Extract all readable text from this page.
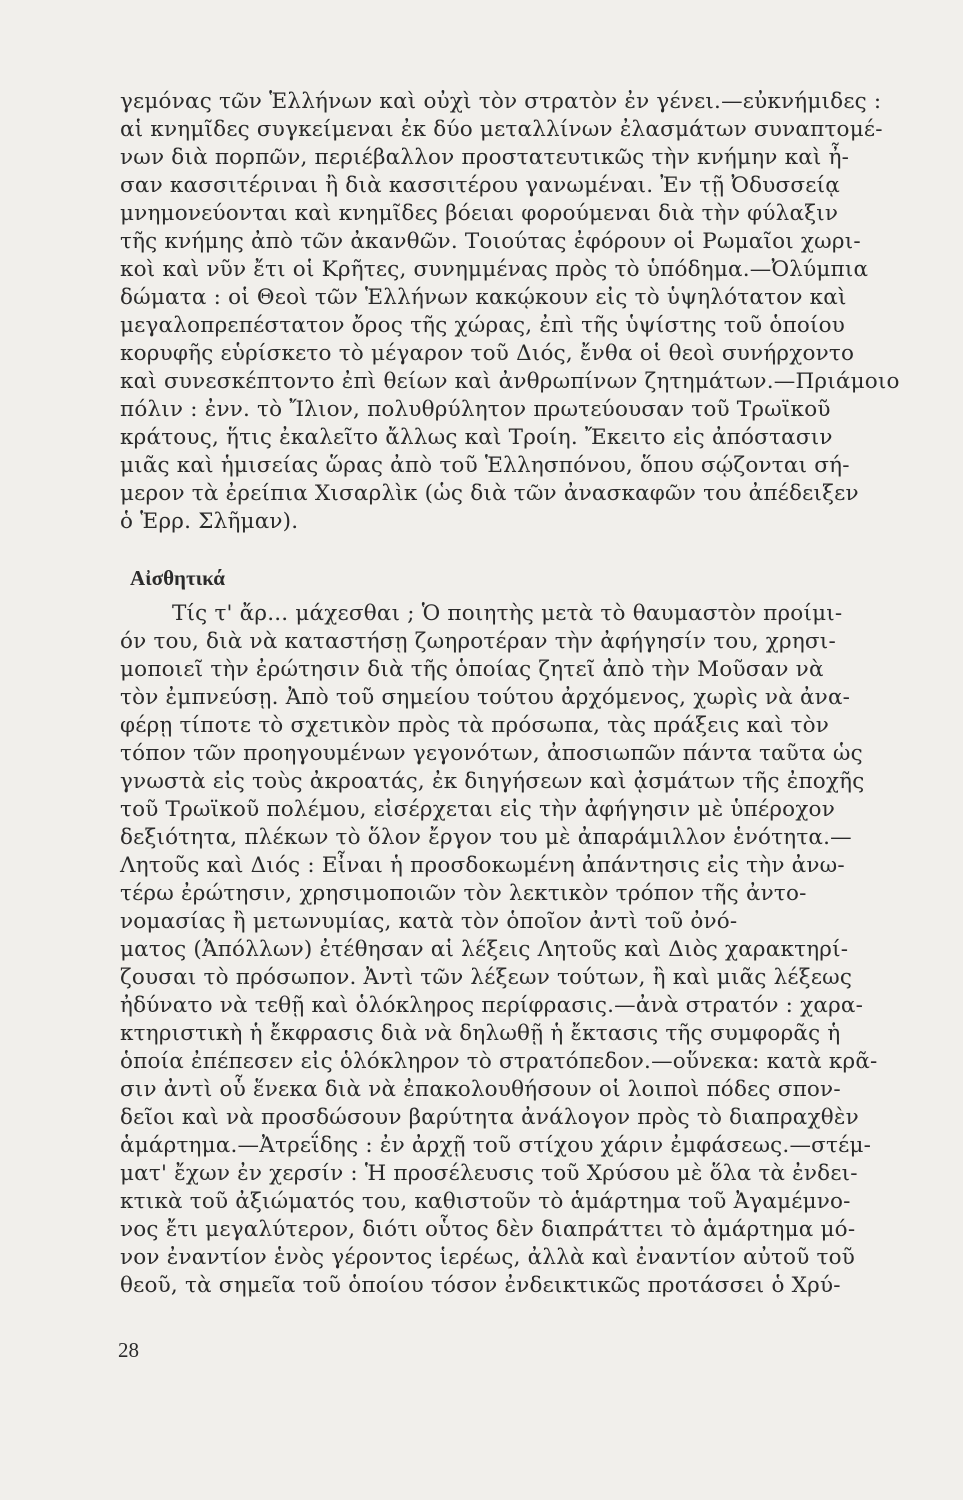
γεμόνας τῶν Ἑλλήνων καὶ οὐχὶ τὸν στρατὸν ἐν γένει.—εὐκνήμιδες :
αἱ κνημῖδες συγκείμεναι ἐκ δύο μεταλλίνων ἐλασμάτων συναπτομέ-
νων διὰ πορπῶν, περιέβαλλον προστατευτικῶς τὴν κνήμην καὶ ἦ-
σαν κασσιτέριναι ἢ διὰ κασσιτέρου γανωμέναι. Ἐν τῇ Ὀδυσσείᾳ
μνημονεύονται καὶ κνημῖδες βόειαι φορούμεναι διὰ τὴν φύλαξιν
τῆς κνήμης ἀπὸ τῶν ἀκανθῶν. Τοιούτας ἐφόρουν οἱ Ρωμαῖοι χωρι-
κοὶ καὶ νῦν ἔτι οἱ Κρῆτες, συνημμένας πρὸς τὸ ὑπόδημα.—Ὀλύμπια
δώματα : οἱ Θεοὶ τῶν Ἑλλήνων κακῴκουν εἰς τὸ ὑψηλότατον καὶ
μεγαλοπρεπέστατον ὄρος τῆς χώρας, ἐπὶ τῆς ὑψίστης τοῦ ὁποίου
κορυφῆς εὑρίσκετο τὸ μέγαρον τοῦ Διός, ἔνθα οἱ θεοὶ συνήρχοντο
καὶ συνεσκέπτοντο ἐπὶ θείων καὶ ἀνθρωπίνων ζητημάτων.—Πριάμοιο
πόλιν : ἐνν. τὸ Ἴλιον, πολυθρύλητον πρωτεύουσαν τοῦ Τρωϊκοῦ
κράτους, ἥτις ἐκαλεῖτο ἄλλως καὶ Τροίη. Ἔκειτο εἰς ἀπόστασιν
μιᾶς καὶ ἡμισείας ὥρας ἀπὸ τοῦ Ἑλλησπόνου, ὅπου σῴζονται σή-
μερον τὰ ἐρείπια Χισαρλὶκ (ὡς διὰ τῶν ἀνασκαφῶν του ἀπέδειξεν
ὁ Ἑρρ. Σλῆμαν).
Αἰσθητικά
Τίς τ' ἄρ... μάχεσθαι ; Ὁ ποιητὴς μετὰ τὸ θαυμαστὸν προίμι-
όν του, διὰ νὰ καταστήσῃ ζωηροτέραν τὴν ἀφήγησίν του, χρησι-
μοποιεῖ τὴν ἐρώτησιν διὰ τῆς ὁποίας ζητεῖ ἀπὸ τὴν Μοῦσαν νὰ
τὸν ἐμπνεύσῃ. Ἀπὸ τοῦ σημείου τούτου ἀρχόμενος, χωρὶς νὰ ἀνα-
φέρῃ τίποτε τὸ σχετικὸν πρὸς τὰ πρόσωπα, τὰς πράξεις καὶ τὸν
τόπον τῶν προηγουμένων γεγονότων, ἀποσιωπῶν πάντα ταῦτα ὡς
γνωστὰ εἰς τοὺς ἀκροατάς, ἐκ διηγήσεων καὶ ᾀσμάτων τῆς ἐποχῆς
τοῦ Τρωϊκοῦ πολέμου, εἰσέρχεται εἰς τὴν ἀφήγησιν μὲ ὑπέροχον
δεξιότητα, πλέκων τὸ ὅλον ἔργον του μὲ ἀπαράμιλλον ἑνότητα.—
Λητοῦς καὶ Διός : Εἶναι ἡ προσδοκωμένη ἀπάντησις εἰς τὴν ἀνω-
τέρω ἐρώτησιν, χρησιμοποιῶν τὸν λεκτικὸν τρόπον τῆς ἀντο-
νομασίας ἢ μετωνυμίας, κατὰ τὸν ὁποῖον ἀντὶ τοῦ ὀνό-
ματος (Ἀπόλλων) ἐτέθησαν αἱ λέξεις Λητοῦς καὶ Διὸς χαρακτηρί-
ζουσαι τὸ πρόσωπον. Ἀντὶ τῶν λέξεων τούτων, ἢ καὶ μιᾶς λέξεως
ἠδύνατο νὰ τεθῇ καὶ ὁλόκληρος περίφρασις.—ἀνὰ στρατόν : χαρα-
κτηριστικὴ ἡ ἔκφρασις διὰ νὰ δηλωθῇ ἡ ἔκτασις τῆς συμφορᾶς ἡ
ὁποία ἐπέπεσεν εἰς ὁλόκληρον τὸ στρατόπεδον.—οὕνεκα: κατὰ κρᾶ-
σιν ἀντὶ οὗ ἕνεκα διὰ νὰ ἐπακολουθήσουν οἱ λοιποὶ πόδες σπον-
δεῖοι καὶ νὰ προσδώσουν βαρύτητα ἀνάλογον πρὸς τὸ διαπραχθὲν
ἁμάρτημα.—Ἀτρεΐδης : ἐν ἀρχῇ τοῦ στίχου χάριν ἐμφάσεως.—στέμ-
ματ' ἔχων ἐν χερσίν : Ἡ προσέλευσις τοῦ Χρύσου μὲ ὅλα τὰ ἐνδει-
κτικὰ τοῦ ἀξιώματός του, καθιστοῦν τὸ ἁμάρτημα τοῦ Ἀγαμέμνο-
νος ἔτι μεγαλύτερον, διότι οὗτος δὲν διαπράττει τὸ ἁμάρτημα μό-
νον ἐναντίον ἑνὸς γέροντος ἱερέως, ἀλλὰ καὶ ἐναντίον αὐτοῦ τοῦ
θεοῦ, τὰ σημεῖα τοῦ ὁποίου τόσον ἐνδεικτικῶς προτάσσει ὁ Χρύ-
28
